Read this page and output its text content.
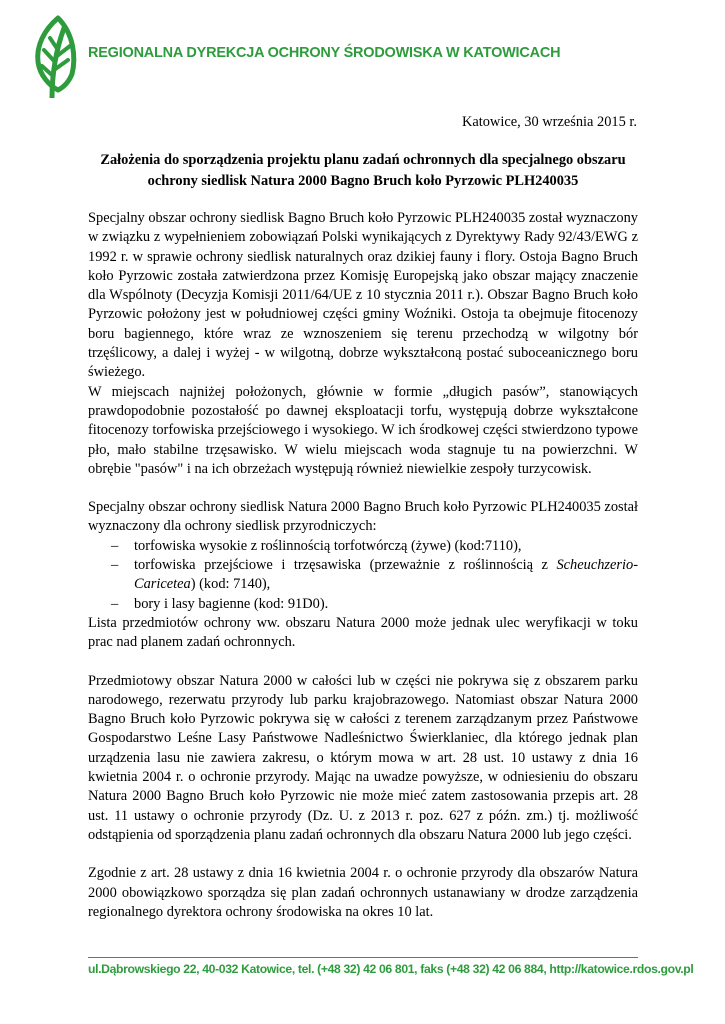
REGIONALNA DYREKCJA OCHRONY ŚRODOWISKA W KATOWICACH
Katowice, 30 września 2015 r.
Założenia do sporządzenia projektu planu zadań ochronnych dla specjalnego obszaru ochrony siedlisk Natura 2000 Bagno Bruch koło Pyrzowic PLH240035

Specjalny obszar ochrony siedlisk Bagno Bruch koło Pyrzowic PLH240035 został wyznaczony w związku z wypełnieniem zobowiązań Polski wynikających z Dyrektywy Rady 92/43/EWG z 1992 r. w sprawie ochrony siedlisk naturalnych oraz dzikiej fauny i flory. Ostoja Bagno Bruch koło Pyrzowic została zatwierdzona przez Komisję Europejską jako obszar mający znaczenie dla Wspólnoty (Decyzja Komisji 2011/64/UE z 10 stycznia 2011 r.). Obszar Bagno Bruch koło Pyrzowic położony jest w południowej części gminy Woźniki. Ostoja ta obejmuje fitocenozy boru bagiennego, które wraz ze wznoszeniem się terenu przechodzą w wilgotny bór trzęślicowy, a dalej i wyżej - w wilgotną, dobrze wykształconą postać suboceanicznego boru świeżego.

W miejscach najniżej położonych, głównie w formie „długich pasów”, stanowiących prawdopodobnie pozostałość po dawnej eksploatacji torfu, występują dobrze wykształcone fitocenozy torfowiska przejściowego i wysokiego. W ich środkowej części stwierdzono typowe pło, mało stabilne trzęsawisko. W wielu miejscach woda stagnuje tu na powierzchni. W obrębie "pasów" i na ich obrzeżach występują również niewielkie zespoły turzycowisk.

Specjalny obszar ochrony siedlisk Natura 2000 Bagno Bruch koło Pyrzowic PLH240035 został wyznaczony dla ochrony siedlisk przyrodniczych:

– torfowiska wysokie z roślinnością torfotwórczą (żywe) (kod:7110),
– torfowiska przejściowe i trzęsawiska (przeważnie z roślinnością z Scheuchzerio-Caricetea) (kod: 7140),
– bory i lasy bagienne (kod: 91D0).

Lista przedmiotów ochrony ww. obszaru Natura 2000 może jednak ulec weryfikacji w toku prac nad planem zadań ochronnych.

Przedmiotowy obszar Natura 2000 w całości lub w części nie pokrywa się z obszarem parku narodowego, rezerwatu przyrody lub parku krajobrazowego. Natomiast obszar Natura 2000 Bagno Bruch koło Pyrzowic pokrywa się w całości z terenem zarządzanym przez Państwowe Gospodarstwo Leśne Lasy Państwowe Nadleśnictwo Świerklaniec, dla którego jednak plan urządzenia lasu nie zawiera zakresu, o którym mowa w art. 28 ust. 10 ustawy z dnia 16 kwietnia 2004 r. o ochronie przyrody. Mając na uwadze powyższe, w odniesieniu do obszaru Natura 2000 Bagno Bruch koło Pyrzowic nie może mieć zatem zastosowania przepis art. 28 ust. 11 ustawy o ochronie przyrody (Dz. U. z 2013 r. poz. 627 z późn. zm.) tj. możliwość odstąpienia od sporządzenia planu zadań ochronnych dla obszaru Natura 2000 lub jego części.

Zgodnie z art. 28 ustawy z dnia 16 kwietnia 2004 r. o ochronie przyrody dla obszarów Natura 2000 obowiązkowo sporządza się plan zadań ochronnych ustanawiany w drodze zarządzenia regionalnego dyrektora ochrony środowiska na okres 10 lat.

ul.Dąbrowskiego 22, 40-032 Katowice, tel. (+48 32) 42 06 801, faks (+48 32) 42 06 884, http://katowice.rdos.gov.pl
